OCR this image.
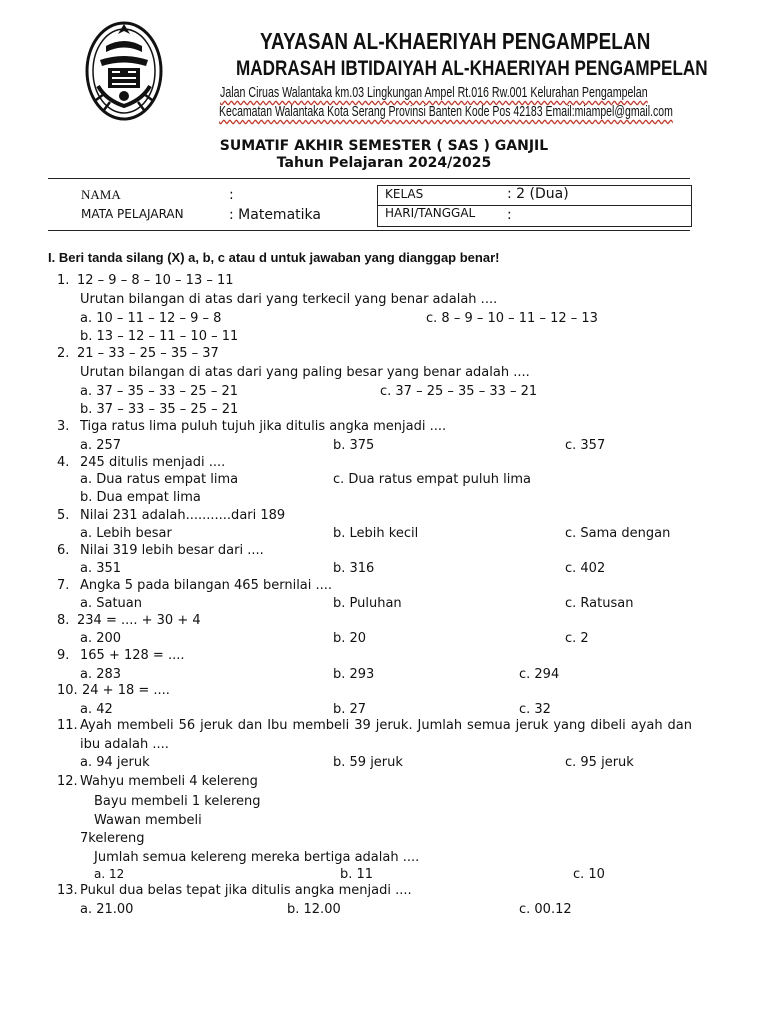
YAYASAN AL-KHAERIYAH PENGAMPELAN
MADRASAH IBTIDAIYAH AL-KHAERIYAH PENGAMPELAN
Jalan Ciruas Walantaka km.03 Lingkungan Ampel Rt.016 Rw.001 Kelurahan Pengampelan
Kecamatan Walantaka Kota Serang Provinsi Banten Kode Pos 42183 Email:miampel@gmail.com
SUMATIF AKHIR SEMESTER ( SAS ) GANJIL
Tahun Pelajaran 2024/2025
NAMA	:
MATA PELAJARAN	: Matematika
KELAS	: 2 (Dua)
HARI/TANGGAL :
I. Beri tanda silang (X) a, b, c atau d untuk jawaban yang dianggap benar!
1. 12 – 9 – 8 – 10 – 13 – 11
Urutan bilangan di atas dari yang terkecil yang benar adalah ....
a. 10 – 11 – 12 – 9 – 8	c. 8 – 9 – 10 – 11 – 12 – 13
b. 13 – 12 – 11 – 10 – 11
2. 21 – 33 – 25 – 35 – 37
Urutan bilangan di atas dari yang paling besar yang benar adalah ....
a. 37 – 35 – 33 – 25 – 21	c. 37 – 25 – 35 – 33 – 21
b. 37 – 33 – 35 – 25 – 21
3. Tiga ratus lima puluh tujuh jika ditulis angka menjadi ....
a. 257	b. 375	c. 357
4. 245 ditulis menjadi ....
a. Dua ratus empat lima	c. Dua ratus empat puluh lima
b. Dua empat lima
5. Nilai 231 adalah...........dari 189
a. Lebih besar	b. Lebih kecil	c. Sama dengan
6. Nilai 319 lebih besar dari ....
a. 351	b. 316	c. 402
7. Angka 5 pada bilangan 465 bernilai ....
a. Satuan	b. Puluhan	c. Ratusan
8. 234 = .... + 30 + 4
a. 200	b. 20	c. 2
9. 165 + 128 = ....
a. 283	b. 293	c. 294
10. 24 + 18 = ....
a. 42	b. 27	c. 32
11. Ayah membeli 56 jeruk dan Ibu membeli 39 jeruk. Jumlah semua jeruk yang dibeli ayah dan
ibu adalah ....
a. 94 jeruk	b. 59 jeruk	c. 95 jeruk
12. Wahyu membeli 4 kelereng
Bayu membeli 1 kelereng
Wawan membeli
7kelereng
Jumlah semua kelereng mereka bertiga adalah ....
a. 12	b. 11	c. 10
13. Pukul dua belas tepat jika ditulis angka menjadi ....
a. 21.00	b. 12.00	c. 00.12
